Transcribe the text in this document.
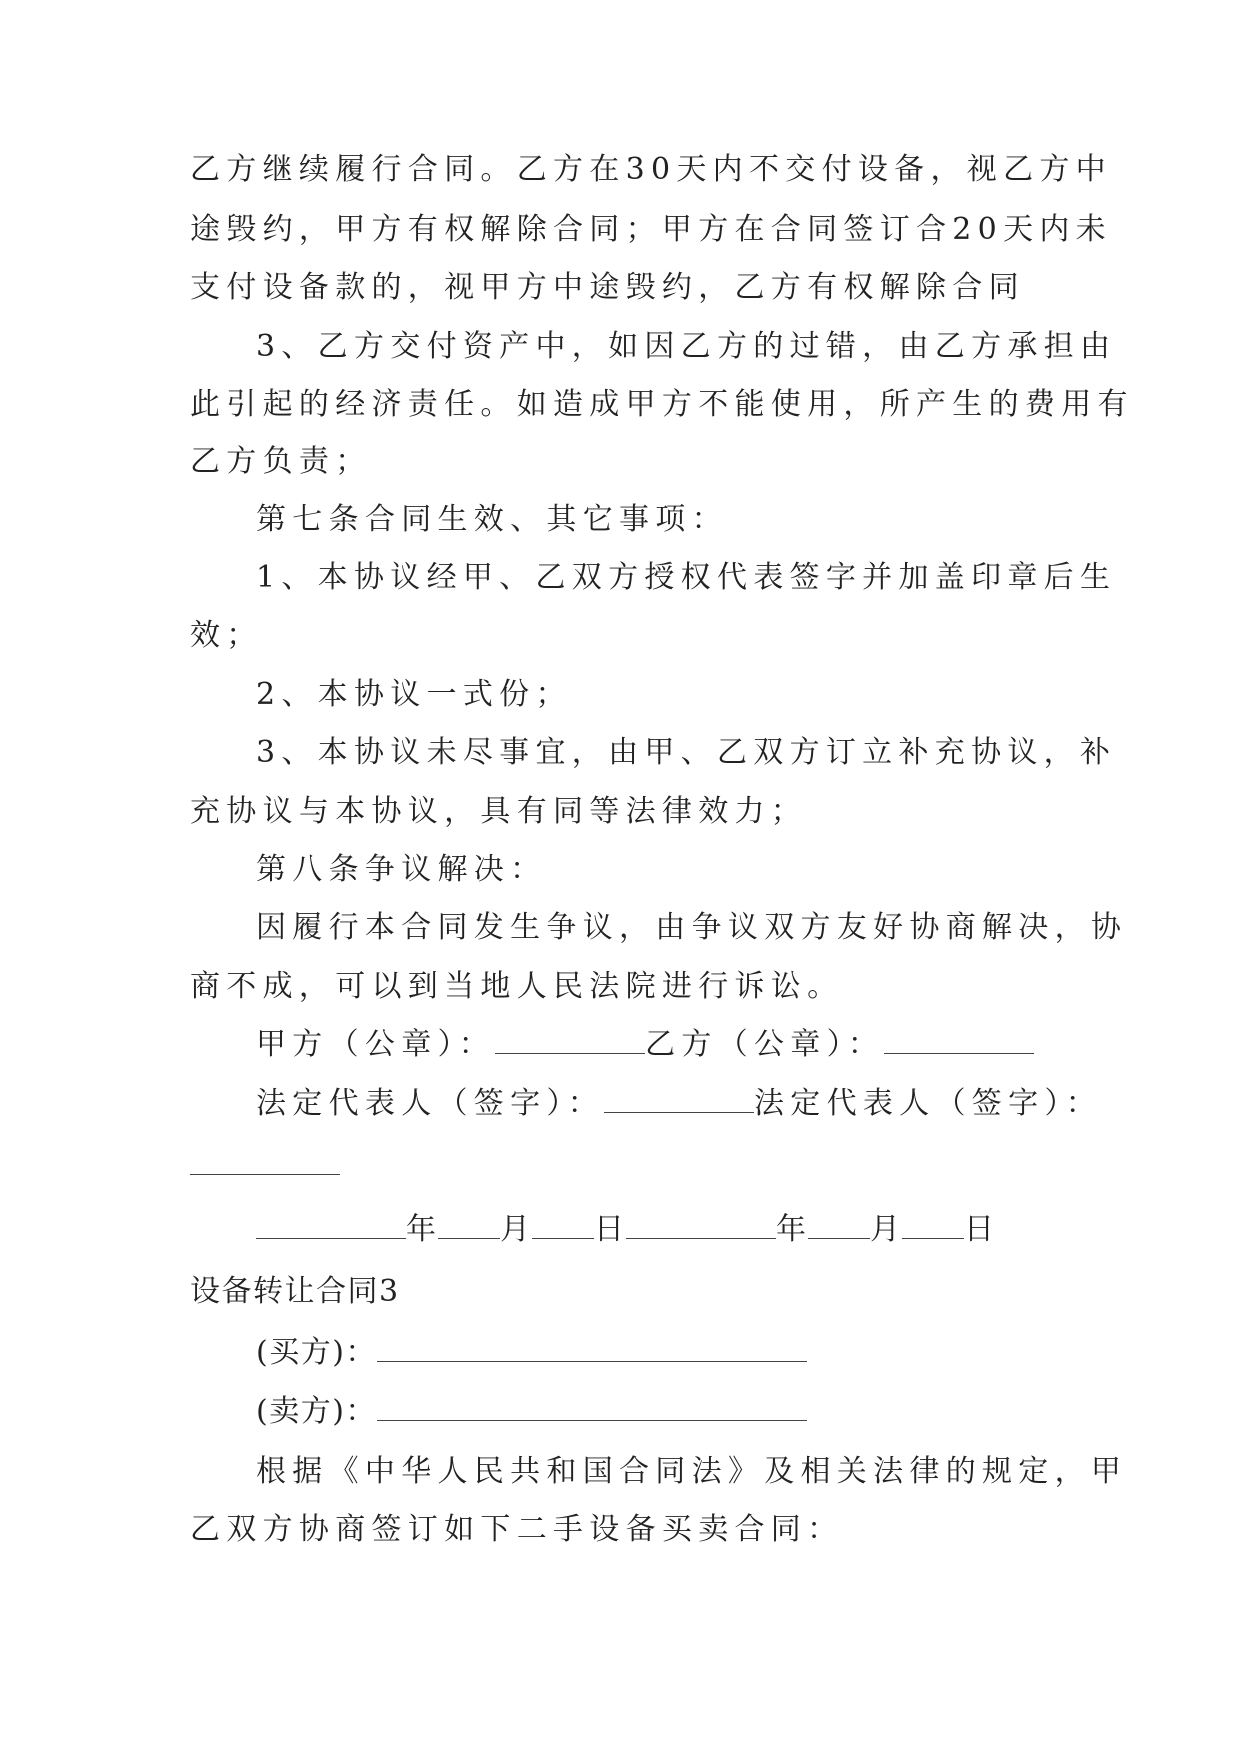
乙方继续履行合同。乙方在30天内不交付设备，视乙方中
途毁约，甲方有权解除合同；甲方在合同签订合20天内未
支付设备款的，视甲方中途毁约，乙方有权解除合同
3、乙方交付资产中，如因乙方的过错，由乙方承担由
此引起的经济责任。如造成甲方不能使用，所产生的费用有
乙方负责；
第七条合同生效、其它事项：
1、本协议经甲、乙双方授权代表签字并加盖印章后生
效；
2、本协议一式份；
3、本协议未尽事宜，由甲、乙双方订立补充协议，补
充协议与本协议，具有同等法律效力；
第八条争议解决：
因履行本合同发生争议，由争议双方友好协商解决，协
商不成，可以到当地人民法院进行诉讼。
甲方（公章）：	乙方（公章）：
法定代表人（签字）：	法定代表人（签字）：
年 月 日	年 月 日
设备转让合同3
(买方)：
(卖方)：
根据《中华人民共和国合同法》及相关法律的规定，甲
乙双方协商签订如下二手设备买卖合同：
